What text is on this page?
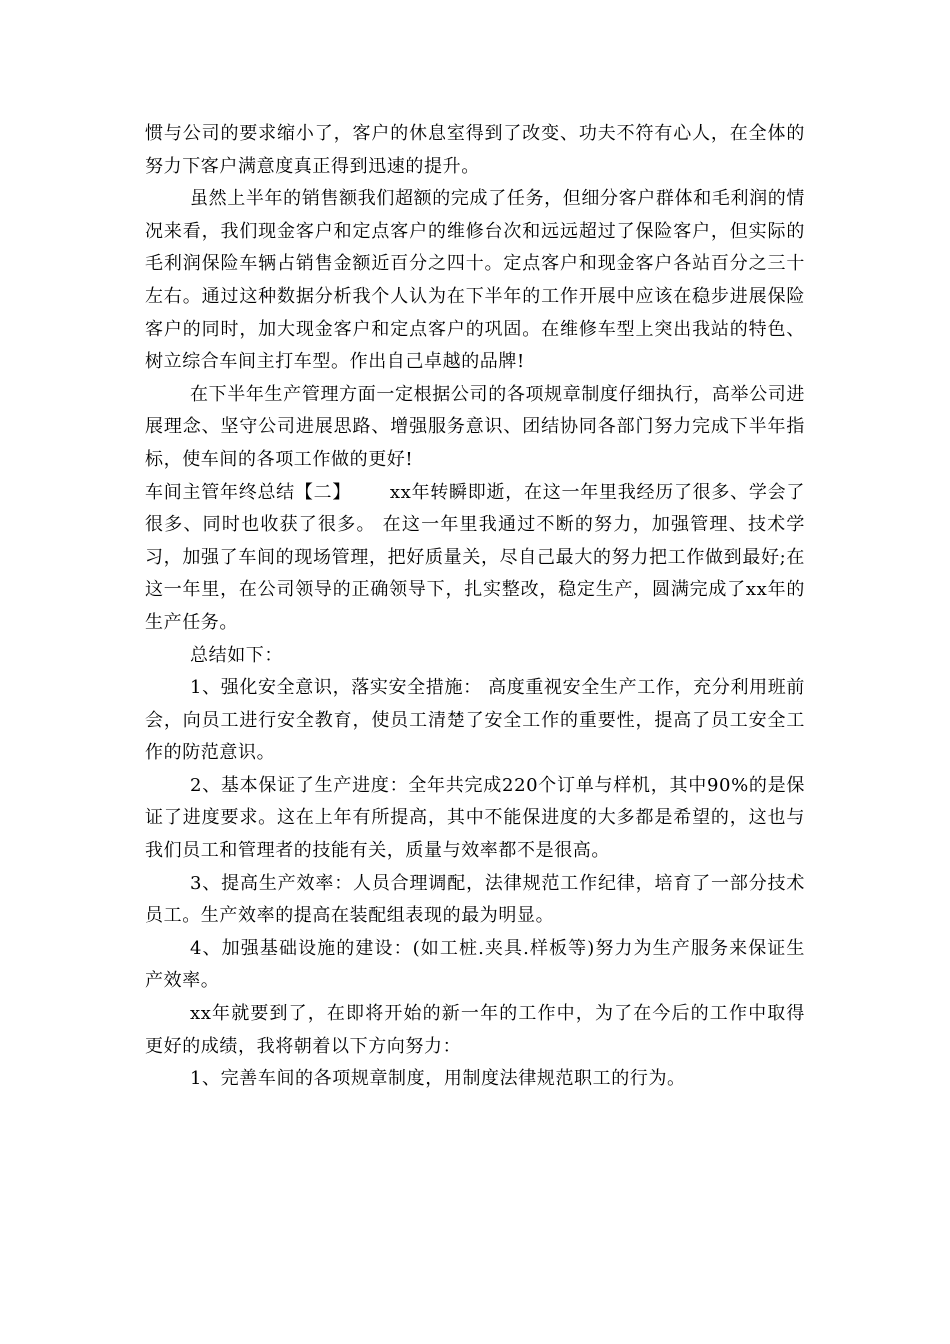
惯与公司的要求缩小了，客户的休息室得到了改变、功夫不符有心人，在全体的努力下客户满意度真正得到迅速的提升。

虽然上半年的销售额我们超额的完成了任务，但细分客户群体和毛利润的情况来看，我们现金客户和定点客户的维修台次和远远超过了保险客户，但实际的毛利润保险车辆占销售金额近百分之四十。定点客户和现金客户各站百分之三十左右。通过这种数据分析我个人认为在下半年的工作开展中应该在稳步进展保险客户的同时，加大现金客户和定点客户的巩固。在维修车型上突出我站的特色、树立综合车间主打车型。作出自己卓越的品牌!

在下半年生产管理方面一定根据公司的各项规章制度仔细执行，高举公司进展理念、坚守公司进展思路、增强服务意识、团结协同各部门努力完成下半年指标，使车间的各项工作做的更好!

车间主管年终总结【二】      xx年转瞬即逝，在这一年里我经历了很多、学会了很多、同时也收获了很多。 在这一年里我通过不断的努力，加强管理、技术学习，加强了车间的现场管理，把好质量关，尽自己最大的努力把工作做到最好;在这一年里，在公司领导的正确领导下，扎实整改，稳定生产，圆满完成了xx年的生产任务。

总结如下：

1、强化安全意识，落实安全措施： 高度重视安全生产工作，充分利用班前会，向员工进行安全教育，使员工清楚了安全工作的重要性，提高了员工安全工作的防范意识。

2、基本保证了生产进度：全年共完成220个订单与样机，其中90%的是保证了进度要求。这在上年有所提高，其中不能保进度的大多都是希望的，这也与我们员工和管理者的技能有关，质量与效率都不是很高。

3、提高生产效率：人员合理调配，法律规范工作纪律，培育了一部分技术员工。生产效率的提高在装配组表现的最为明显。

4、加强基础设施的建设：(如工桩.夹具.样板等)努力为生产服务来保证生产效率。

xx年就要到了，在即将开始的新一年的工作中，为了在今后的工作中取得更好的成绩，我将朝着以下方向努力：

1、完善车间的各项规章制度，用制度法律规范职工的行为。
